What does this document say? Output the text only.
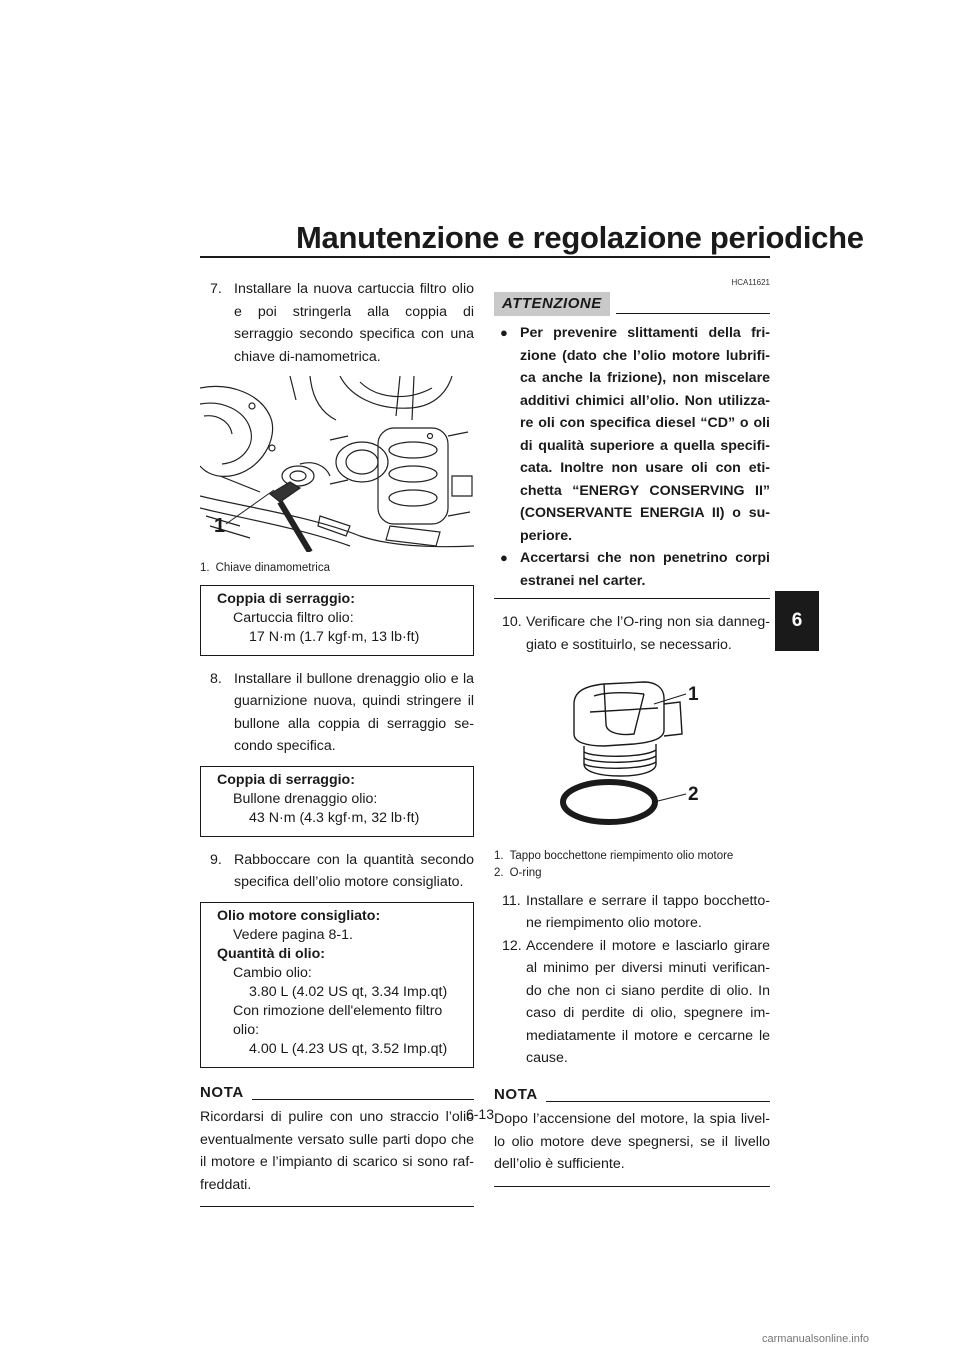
Manutenzione e regolazione periodiche
6
7. Installare la nuova cartuccia filtro olio e poi stringerla alla coppia di serraggio secondo specifica con una chiave di-namometrica.
1
1. Chiave dinamometrica
Coppia di serraggio:
Cartuccia filtro olio:
17 N·m (1.7 kgf·m, 13 lb·ft)
8. Installare il bullone drenaggio olio e la guarnizione nuova, quindi stringere il bullone alla coppia di serraggio se-condo specifica.
Coppia di serraggio:
Bullone drenaggio olio:
43 N·m (4.3 kgf·m, 32 lb·ft)
9. Rabboccare con la quantità secondo specifica dell’olio motore consigliato.
Olio motore consigliato:
Vedere pagina 8-1.
Quantità di olio:
Cambio olio:
3.80 L (4.02 US qt, 3.34 Imp.qt)
Con rimozione dell'elemento filtro
olio:
4.00 L (4.23 US qt, 3.52 Imp.qt)
NOTA
Ricordarsi di pulire con uno straccio l’olio eventualmente versato sulle parti dopo che il motore e l’impianto di scarico si sono raf-freddati.
HCA11621
ATTENZIONE
● Per prevenire slittamenti della fri-zione (dato che l’olio motore lubrifi-ca anche la frizione), non miscelare additivi chimici all’olio. Non utilizza-re oli con specifica diesel “CD” o oli di qualità superiore a quella specifi-cata. Inoltre non usare oli con eti-chetta “ENERGY CONSERVING II” (CONSERVANTE ENERGIA II) o su-periore.
● Accertarsi che non penetrino corpi estranei nel carter.
10. Verificare che l’O-ring non sia danneg-giato e sostituirlo, se necessario.
1
2
1. Tappo bocchettone riempimento olio motore
2. O-ring
11. Installare e serrare il tappo bocchetto-ne riempimento olio motore.
12. Accendere il motore e lasciarlo girare al minimo per diversi minuti verifican-do che non ci siano perdite di olio. In caso di perdite di olio, spegnere im-mediatamente il motore e cercarne le cause.
NOTA
Dopo l’accensione del motore, la spia livel-lo olio motore deve spegnersi, se il livello dell’olio è sufficiente.
6-13
carmanualsonline.info
